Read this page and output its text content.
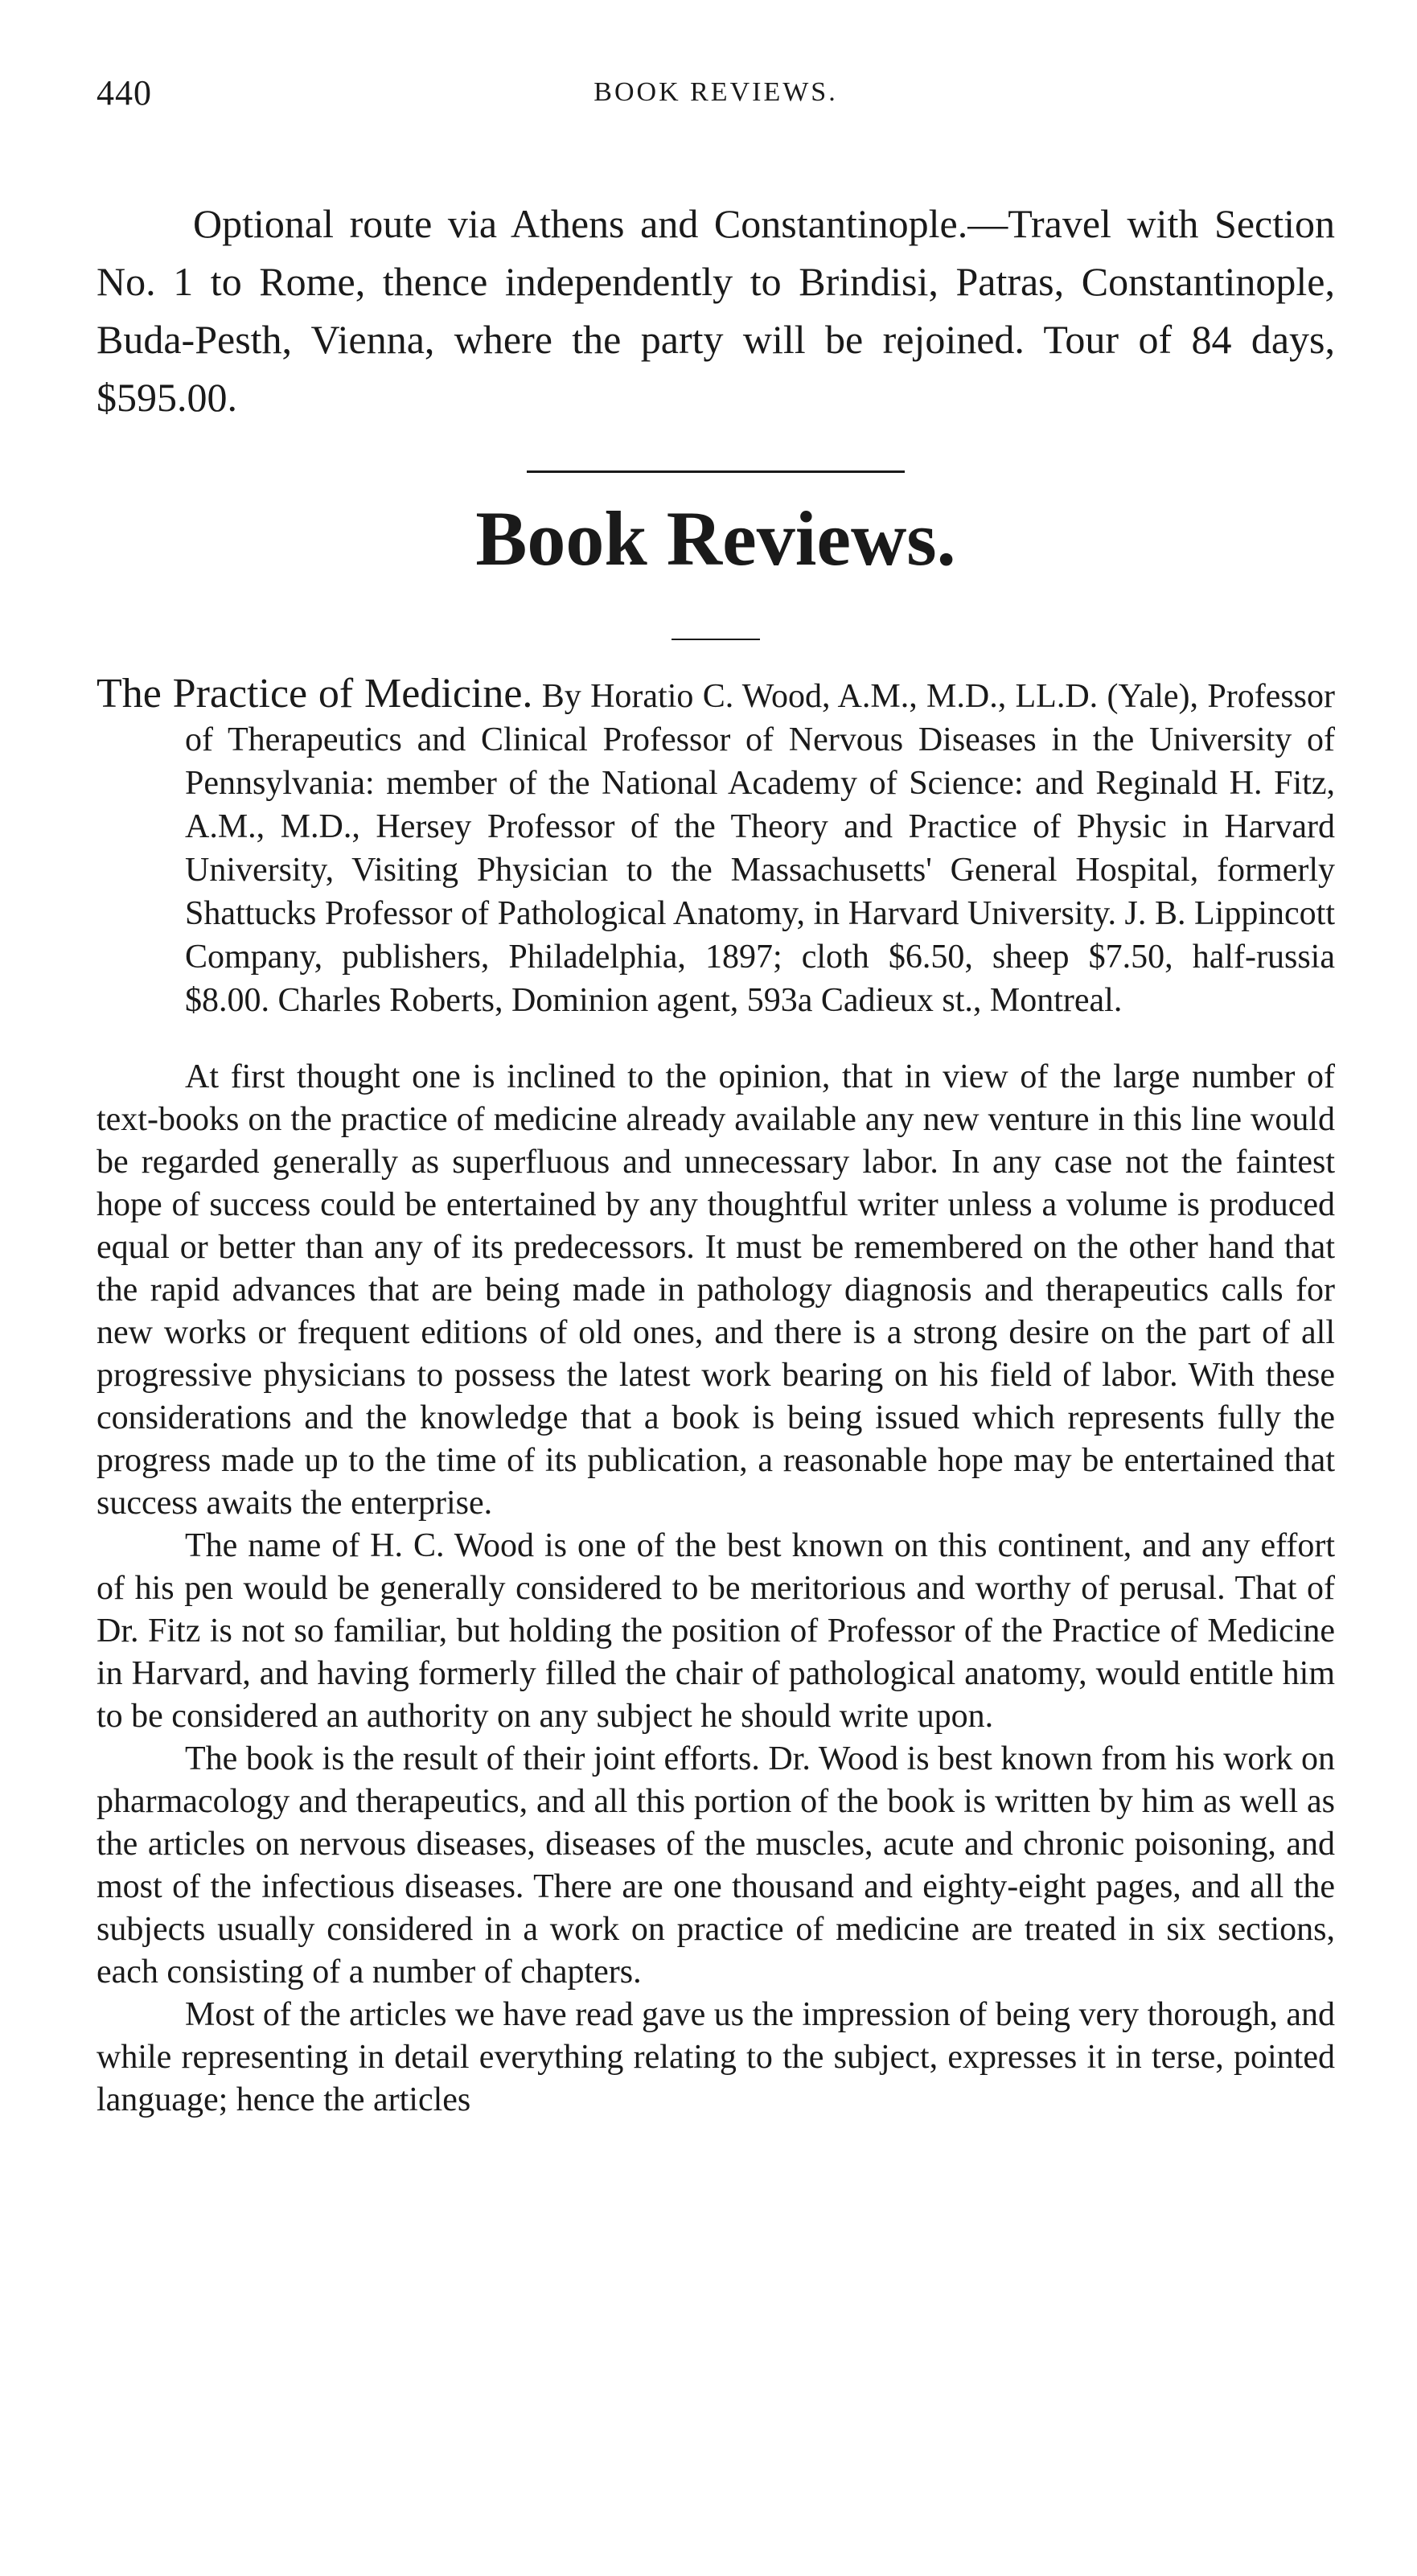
440	BOOK REVIEWS.

Optional route via Athens and Constantinople.—Travel with Section No. 1 to Rome, thence independently to Brindisi, Patras, Constantinople, Buda-Pesth, Vienna, where the party will be rejoined. Tour of 84 days, $595.00.

Book Reviews.

The Practice of Medicine. By Horatio C. Wood, A.M., M.D., LL.D. (Yale), Professor of Therapeutics and Clinical Professor of Nervous Diseases in the University of Pennsylvania: member of the National Academy of Science: and Reginald H. Fitz, A.M., M.D., Hersey Professor of the Theory and Practice of Physic in Harvard University, Visiting Physician to the Massachusetts' General Hospital, formerly Shattucks Professor of Pathological Anatomy, in Harvard University. J. B. Lippincott Company, publishers, Philadelphia, 1897; cloth $6.50, sheep $7.50, half-russia $8.00. Charles Roberts, Dominion agent, 593a Cadieux st., Montreal.

At first thought one is inclined to the opinion, that in view of the large number of text-books on the practice of medicine already available any new venture in this line would be regarded generally as superfluous and unnecessary labor. In any case not the faintest hope of success could be entertained by any thoughtful writer unless a volume is produced equal or better than any of its predecessors. It must be remembered on the other hand that the rapid advances that are being made in pathology diagnosis and therapeutics calls for new works or frequent editions of old ones, and there is a strong desire on the part of all progressive physicians to possess the latest work bearing on his field of labor. With these considerations and the knowledge that a book is being issued which represents fully the progress made up to the time of its publication, a reasonable hope may be entertained that success awaits the enterprise.

The name of H. C. Wood is one of the best known on this continent, and any effort of his pen would be generally considered to be meritorious and worthy of perusal. That of Dr. Fitz is not so familiar, but holding the position of Professor of the Practice of Medicine in Harvard, and having formerly filled the chair of pathological anatomy, would entitle him to be considered an authority on any subject he should write upon.

The book is the result of their joint efforts. Dr. Wood is best known from his work on pharmacology and therapeutics, and all this portion of the book is written by him as well as the articles on nervous diseases, diseases of the muscles, acute and chronic poisoning, and most of the infectious diseases. There are one thousand and eighty-eight pages, and all the subjects usually considered in a work on practice of medicine are treated in six sections, each consisting of a number of chapters.

Most of the articles we have read gave us the impression of being very thorough, and while representing in detail everything relating to the subject, expresses it in terse, pointed language; hence the articles
